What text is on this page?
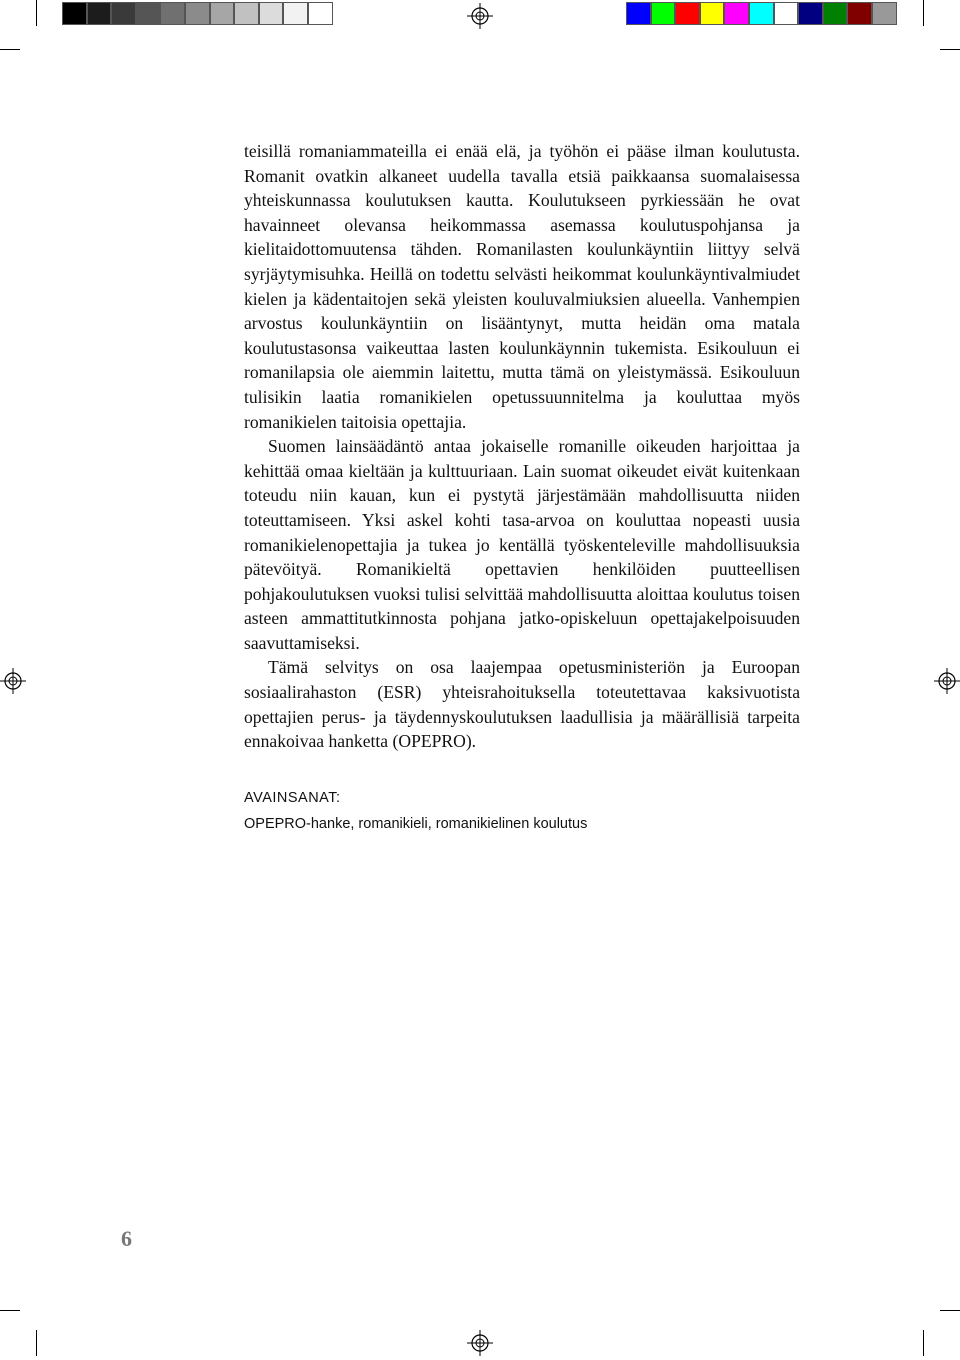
teisillä romaniammateilla ei enää elä, ja työhön ei pääse ilman koulutusta. Romanit ovatkin alkaneet uudella tavalla etsiä paikkaansa suomalaisessa yhteiskunnassa koulutuksen kautta. Koulutukseen pyrkiessään he ovat havainneet olevansa heikommassa asemassa koulutuspohjansa ja kielitaidottomuutensa tähden. Romanilasten koulunkäyntiin liittyy selvä syrjäytymisuhka. Heillä on todettu selvästi heikommat koulunkäyntivalmiudet kielen ja kädentaitojen sekä yleisten kouluvalmiuksien alueella. Vanhempien arvostus koulunkäyntiin on lisääntynyt, mutta heidän oma matala koulutustasonsa vaikeuttaa lasten koulunkäynnin tukemista. Esikouluun ei romanilapsia ole aiemmin laitettu, mutta tämä on yleistymässä. Esikouluun tulisikin laatia romanikielen opetussuunnitelma ja kouluttaa myös romanikielen taitoisia opettajia.

Suomen lainsäädäntö antaa jokaiselle romanille oikeuden harjoittaa ja kehittää omaa kieltään ja kulttuuriaan. Lain suomat oikeudet eivät kuitenkaan toteudu niin kauan, kun ei pystytä järjestämään mahdollisuutta niiden toteuttamiseen. Yksi askel kohti tasa-arvoa on kouluttaa nopeasti uusia romanikielenopettajia ja tukea jo kentällä työskenteleville mahdollisuuksia pätevöityä. Romanikieltä opettavien henkilöiden puutteellisen pohjakoulutuksen vuoksi tulisi selvittää mahdollisuutta aloittaa koulutus toisen asteen ammattitutkinnosta pohjana jatko-opiskeluun opettajakelpoisuuden saavuttamiseksi.

Tämä selvitys on osa laajempaa opetusministeriön ja Euroopan sosiaalirahaston (ESR) yhteisrahoituksella toteutettavaa kaksivuotista opettajien perus- ja täydennyskoulutuksen laadullisia ja määrällisiä tarpeita ennakoivaa hanketta (OPEPRO).

AVAINSANAT:

OPEPRO-hanke, romanikieli, romanikielinen koulutus

6
